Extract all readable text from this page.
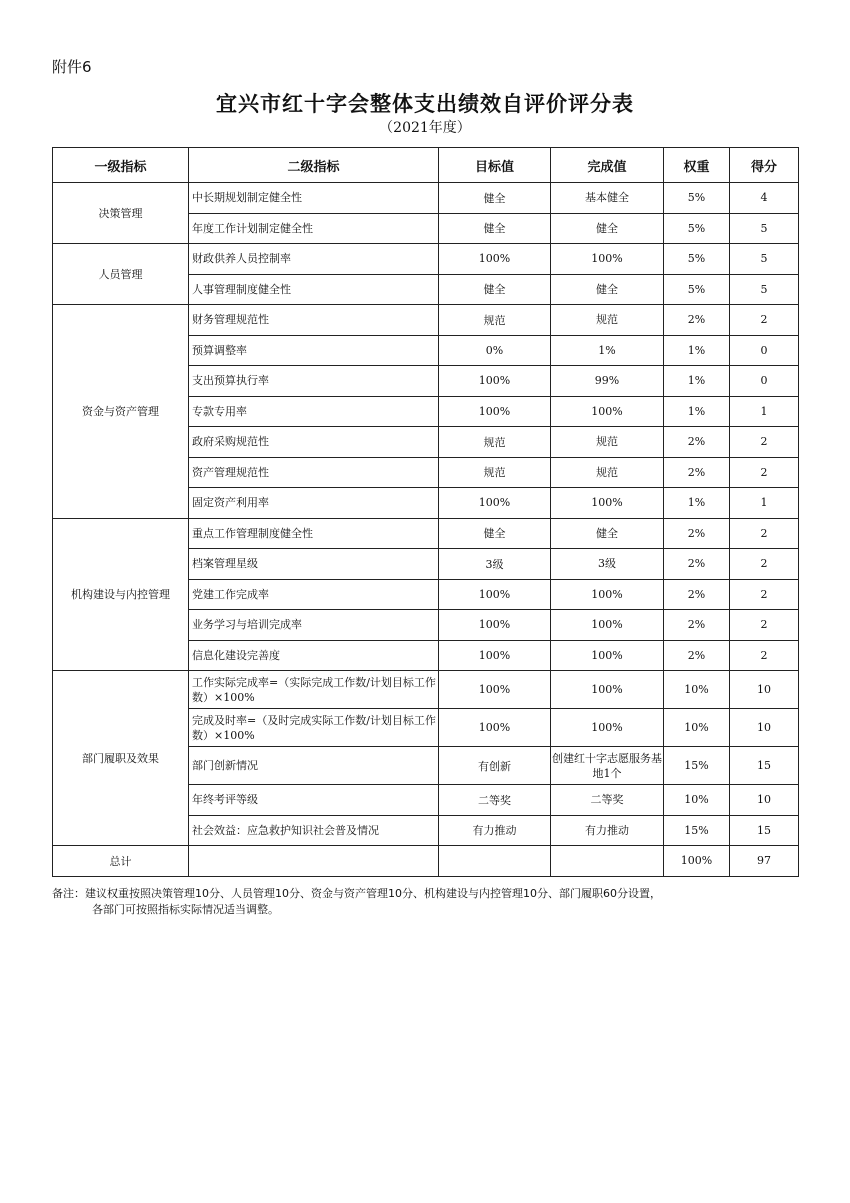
附件6
宜兴市红十字会整体支出绩效自评价评分表
（2021年度）
一级指标	二级指标	目标值	完成值	权重	得分
决策管理	中长期规划制定健全性	健全	基本健全	5%	4
	年度工作计划制定健全性	健全	健全	5%	5
人员管理	财政供养人员控制率	100%	100%	5%	5
	人事管理制度健全性	健全	健全	5%	5
资金与资产管理	财务管理规范性	规范	规范	2%	2
	预算调整率	0%	1%	1%	0
	支出预算执行率	100%	99%	1%	0
	专款专用率	100%	100%	1%	1
	政府采购规范性	规范	规范	2%	2
	资产管理规范性	规范	规范	2%	2
	固定资产利用率	100%	100%	1%	1
机构建设与内控管理	重点工作管理制度健全性	健全	健全	2%	2
	档案管理星级	3级	3级	2%	2
	党建工作完成率	100%	100%	2%	2
	业务学习与培训完成率	100%	100%	2%	2
	信息化建设完善度	100%	100%	2%	2
部门履职及效果	工作实际完成率=（实际完成工作数/计划目标工作数）×100%	100%	100%	10%	10
	完成及时率=（及时完成实际工作数/计划目标工作数）×100%	100%	100%	10%	10
	部门创新情况	有创新	创建红十字志愿服务基地1个	15%	15
	年终考评等级	二等奖	二等奖	10%	10
	社会效益：应急救护知识社会普及情况	有力推动	有力推动	15%	15
总计				100%	97
备注：建议权重按照决策管理10分、人员管理10分、资金与资产管理10分、机构建设与内控管理10分、部门履职60分设置，
各部门可按照指标实际情况适当调整。
